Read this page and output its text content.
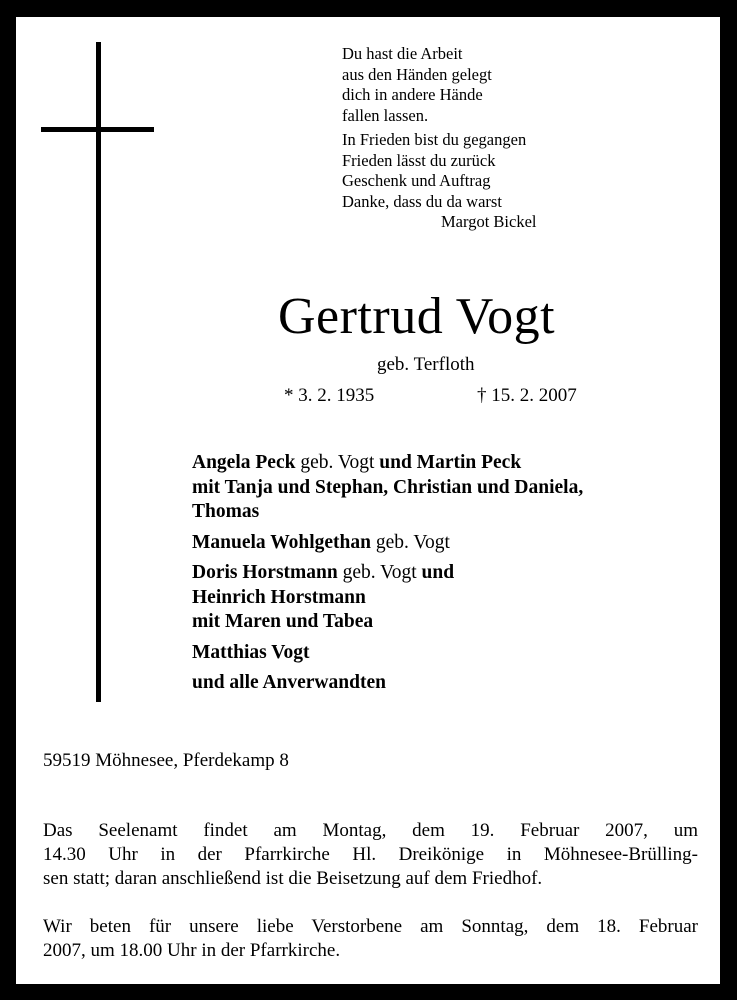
Du hast die Arbeit
aus den Händen gelegt
dich in andere Hände
fallen lassen.
In Frieden bist du gegangen
Frieden lässt du zurück
Geschenk und Auftrag
Danke, dass du da warst
Margot Bickel
Gertrud Vogt
geb. Terfloth
* 3. 2. 1935	† 15. 2. 2007
Angela Peck geb. Vogt und Martin Peck
mit Tanja und Stephan, Christian und Daniela,
Thomas
Manuela Wohlgethan geb. Vogt
Doris Horstmann geb. Vogt und
Heinrich Horstmann
mit Maren und Tabea
Matthias Vogt
und alle Anverwandten
59519 Möhnesee, Pferdekamp 8
Das Seelenamt findet am Montag, dem 19. Februar 2007, um
14.30 Uhr in der Pfarrkirche Hl. Dreikönige in Möhnesee-Brülling-
sen statt; daran anschließend ist die Beisetzung auf dem Friedhof.
Wir beten für unsere liebe Verstorbene am Sonntag, dem 18. Februar
2007, um 18.00 Uhr in der Pfarrkirche.
